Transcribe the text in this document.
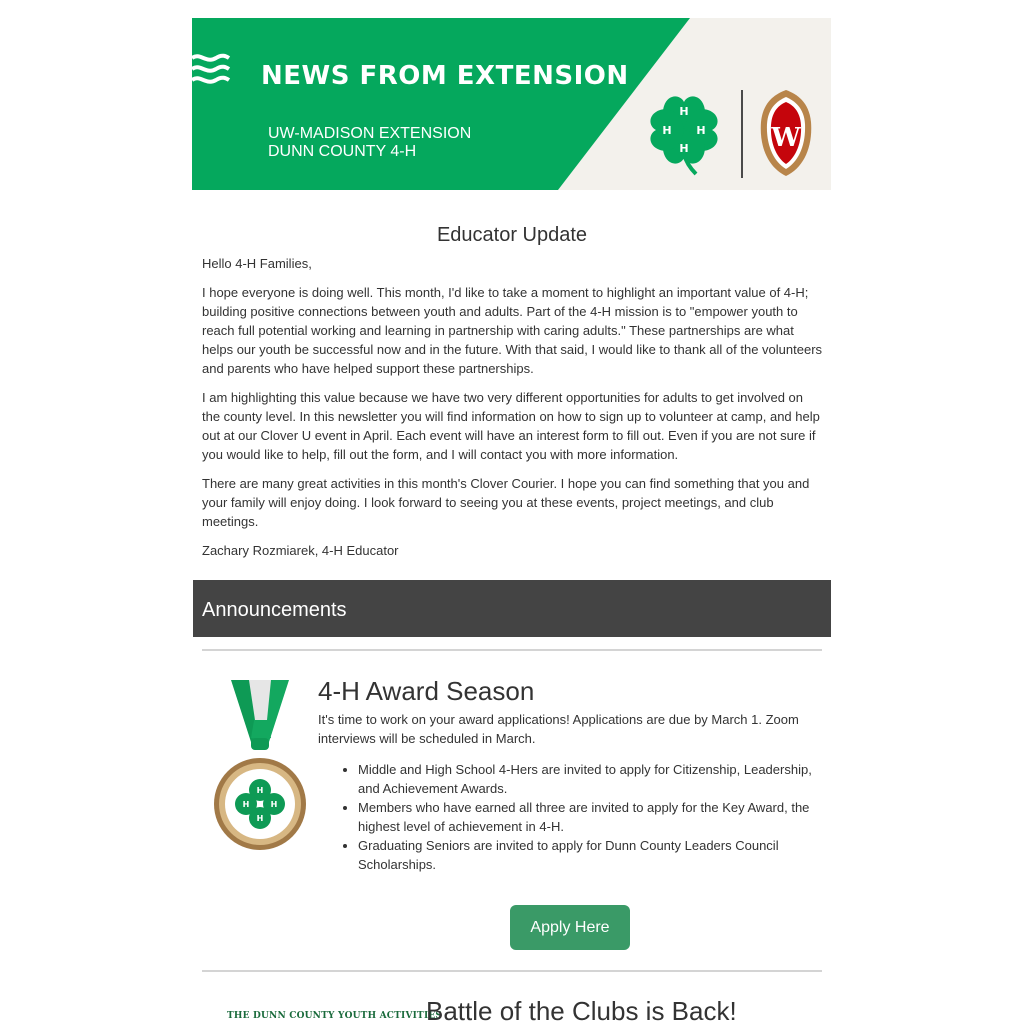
NEWS FROM EXTENSION
UW-MADISON EXTENSION
DUNN COUNTY 4-H
H
H
H
H	W
Educator Update

Hello 4-H Families,

I hope everyone is doing well. This month, I'd like to take a moment to highlight an important value of 4-H; building positive connections between youth and adults. Part of the 4-H mission is to "empower youth to reach full potential working and learning in partnership with caring adults." These partnerships are what helps our youth be successful now and in the future. With that said, I would like to thank all of the volunteers and parents who have helped support these partnerships.

I am highlighting this value because we have two very different opportunities for adults to get involved on the county level. In this newsletter you will find information on how to sign up to volunteer at camp, and help out at our Clover U event in April. Each event will have an interest form to fill out. Even if you are not sure if you would like to help, fill out the form, and I will contact you with more information.

There are many great activities in this month's Clover Courier. I hope you can find something that you and your family will enjoy doing. I look forward to seeing you at these events, project meetings, and club meetings.

Zachary Rozmiarek, 4-H Educator

Announcements
H
H
H
H
4-H Award Season
It's time to work on your award applications! Applications are due by March 1. Zoom interviews will be scheduled in March.
• Middle and High School 4-Hers are invited to apply for Citizenship, Leadership, and Achievement Awards.
• Members who have earned all three are invited to apply for the Key Award, the highest level of achievement in 4-H.
• Graduating Seniors are invited to apply for Dunn County Leaders Council Scholarships.
Apply Here
THE DUNN COUNTY YOUTH ACTIVITIES
Battle of the Clubs is Back!
